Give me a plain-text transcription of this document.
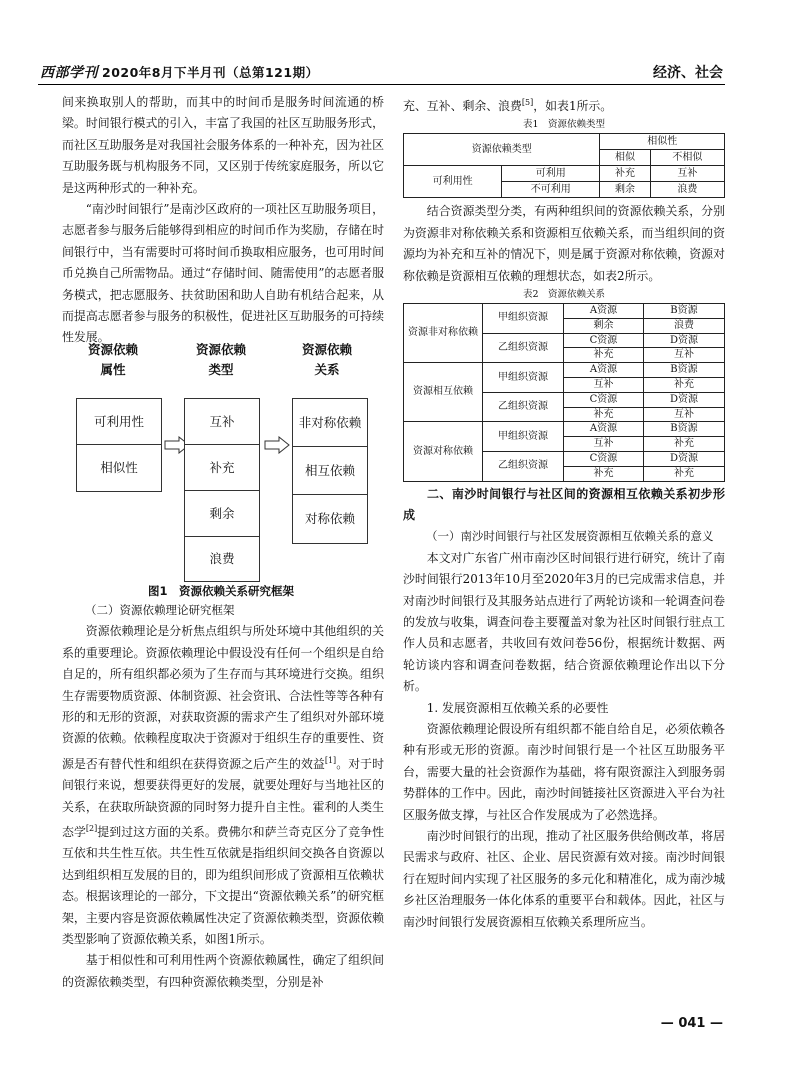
西部学刊 2020年8月下半月刊（总第121期）	经济、社会

间来换取别人的帮助，而其中的时间币是服务时间流通的桥梁。时间银行模式的引入，丰富了我国的社区互助服务形式，而社区互助服务是对我国社会服务体系的一种补充，因为社区互助服务既与机构服务不同，又区别于传统家庭服务，所以它是这两种形式的一种补充。

“南沙时间银行”是南沙区政府的一项社区互助服务项目，志愿者参与服务后能够得到相应的时间币作为奖励，存储在时间银行中，当有需要时可将时间币换取相应服务，也可用时间币兑换自己所需物品。通过“存储时间、随需使用”的志愿者服务模式，把志愿服务、扶贫助困和助人自助有机结合起来，从而提高志愿者参与服务的积极性，促进社区互助服务的可持续性发展。

资源依赖
属性
资源依赖
类型
资源依赖
关系
可利用性
相似性
互补
补充
剩余
浪费
非对称依赖
相互依赖
对称依赖
图1　资源依赖关系研究框架

（二）资源依赖理论研究框架

资源依赖理论是分析焦点组织与所处环境中其他组织的关系的重要理论。资源依赖理论中假设没有任何一个组织是自给自足的，所有组织都必须为了生存而与其环境进行交换。组织生存需要物质资源、体制资源、社会资讯、合法性等等各种有形的和无形的资源，对获取资源的需求产生了组织对外部环境资源的依赖。依赖程度取决于资源对于组织生存的重要性、资源是否有替代性和组织在获得资源之后产生的效益[1]。对于时间银行来说，想要获得更好的发展，就要处理好与当地社区的关系，在获取所缺资源的同时努力提升自主性。霍利的人类生态学[2]提到过这方面的关系。费佛尔和萨兰奇克区分了竞争性互依和共生性互依。共生性互依就是指组织间交换各自资源以达到组织相互发展的目的，即为组织间形成了资源相互依赖状态。根据该理论的一部分，下文提出“资源依赖关系”的研究框架，主要内容是资源依赖属性决定了资源依赖类型，资源依赖类型影响了资源依赖关系，如图1所示。

基于相似性和可利用性两个资源依赖属性，确定了组织间的资源依赖类型，有四种资源依赖类型，分别是补

充、互补、剩余、浪费[5]，如表1所示。

表1　资源依赖类型

资源依赖类型		相似性	
		相似	不相似
可利用性	可利用	补充	互补
	不可利用	剩余	浪费

结合资源类型分类，有两种组织间的资源依赖关系，分别为资源非对称依赖关系和资源相互依赖关系，而当组织间的资源均为补充和互补的情况下，则是属于资源对称依赖，资源对称依赖是资源相互依赖的理想状态，如表2所示。

表2　资源依赖关系

资源非对称依赖	甲组织资源	A资源	B资源
		剩余	浪费
	乙组织资源	C资源	D资源
		补充	互补
资源相互依赖	甲组织资源	A资源	B资源
		互补	补充
	乙组织资源	C资源	D资源
		补充	互补
资源对称依赖	甲组织资源	A资源	B资源
		互补	补充
	乙组织资源	C资源	D资源
		补充	补充

二、南沙时间银行与社区间的资源相互依赖关系初步形成

（一）南沙时间银行与社区发展资源相互依赖关系的意义

本文对广东省广州市南沙区时间银行进行研究，统计了南沙时间银行2013年10月至2020年3月的已完成需求信息，并对南沙时间银行及其服务站点进行了两轮访谈和一轮调查问卷的发放与收集，调查问卷主要覆盖对象为社区时间银行驻点工作人员和志愿者，共收回有效问卷56份，根据统计数据、两轮访谈内容和调查问卷数据，结合资源依赖理论作出以下分析。

1. 发展资源相互依赖关系的必要性

资源依赖理论假设所有组织都不能自给自足，必须依赖各种有形或无形的资源。南沙时间银行是一个社区互助服务平台，需要大量的社会资源作为基础，将有限资源注入到服务弱势群体的工作中。因此，南沙时间链接社区资源进入平台为社区服务做支撑，与社区合作发展成为了必然选择。

南沙时间银行的出现，推动了社区服务供给侧改革，将居民需求与政府、社区、企业、居民资源有效对接。南沙时间银行在短时间内实现了社区服务的多元化和精准化，成为南沙城乡社区治理服务一体化体系的重要平台和载体。因此，社区与南沙时间银行发展资源相互依赖关系理所应当。

— 041 —
